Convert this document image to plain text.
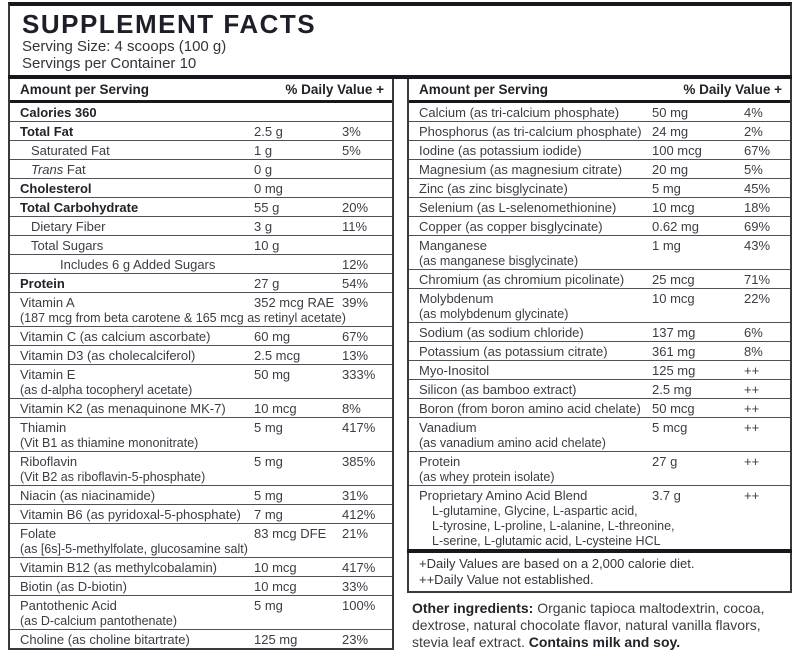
SUPPLEMENT FACTS
Serving Size: 4 scoops (100 g)
Servings per Container 10
Amount per Serving	% Daily Value +
Calories 360
Total Fat	2.5 g	3%
Saturated Fat	1 g	5%
Trans Fat	0 g
Cholesterol	0 mg
Total Carbohydrate	55 g	20%
Dietary Fiber	3 g	11%
Total Sugars	10 g
Includes 6 g Added Sugars	12%
Protein	27 g	54%
Vitamin A	352 mcg RAE 39%
(187 mcg from beta carotene & 165 mcg as retinyl acetate)
Vitamin C (as calcium ascorbate)	60 mg	67%
Vitamin D3 (as cholecalciferol)	2.5 mcg	13%
Vitamin E	50 mg	333%
(as d-alpha tocopheryl acetate)
Vitamin K2 (as menaquinone MK-7)	10 mcg	8%
Thiamin	5 mg	417%
(Vit B1 as thiamine mononitrate)
Riboflavin	5 mg	385%
(Vit B2 as riboflavin-5-phosphate)
Niacin (as niacinamide)	5 mg	31%
Vitamin B6 (as pyridoxal-5-phosphate)	7 mg	412%
Folate	83 mcg DFE	21%
(as [6s]-5-methylfolate, glucosamine salt)
Vitamin B12 (as methylcobalamin)	10 mcg	417%
Biotin (as D-biotin)	10 mcg	33%
Pantothenic Acid	5 mg	100%
(as D-calcium pantothenate)
Choline (as choline bitartrate)	125 mg	23%
Amount per Serving	% Daily Value +
Calcium (as tri-calcium phosphate)	50 mg	4%
Phosphorus (as tri-calcium phosphate) 24 mg	2%
Iodine (as potassium iodide)	100 mcg	67%
Magnesium (as magnesium citrate)	20 mg	5%
Zinc (as zinc bisglycinate)	5 mg	45%
Selenium (as L-selenomethionine)	10 mcg	18%
Copper (as copper bisglycinate)	0.62 mg	69%
Manganese	1 mg	43%
(as manganese bisglycinate)
Chromium (as chromium picolinate)	25 mcg	71%
Molybdenum	10 mcg	22%
(as molybdenum glycinate)
Sodium (as sodium chloride)	137 mg	6%
Potassium (as potassium citrate)	361 mg	8%
Myo-Inositol	125 mg	++
Silicon (as bamboo extract)	2.5 mg	++
Boron (from boron amino acid chelate) 50 mcg	++
Vanadium	5 mcg	++
(as vanadium amino acid chelate)
Protein	27 g	++
(as whey protein isolate)
Proprietary Amino Acid Blend	3.7 g	++
L-glutamine, Glycine, L-aspartic acid,
L-tyrosine, L-proline, L-alanine, L-threonine,
L-serine, L-glutamic acid, L-cysteine HCL
+Daily Values are based on a 2,000 calorie diet.
++Daily Value not established.
Other ingredients: Organic tapioca maltodextrin, cocoa, dextrose, natural chocolate flavor, natural vanilla flavors, stevia leaf extract. Contains milk and soy.
